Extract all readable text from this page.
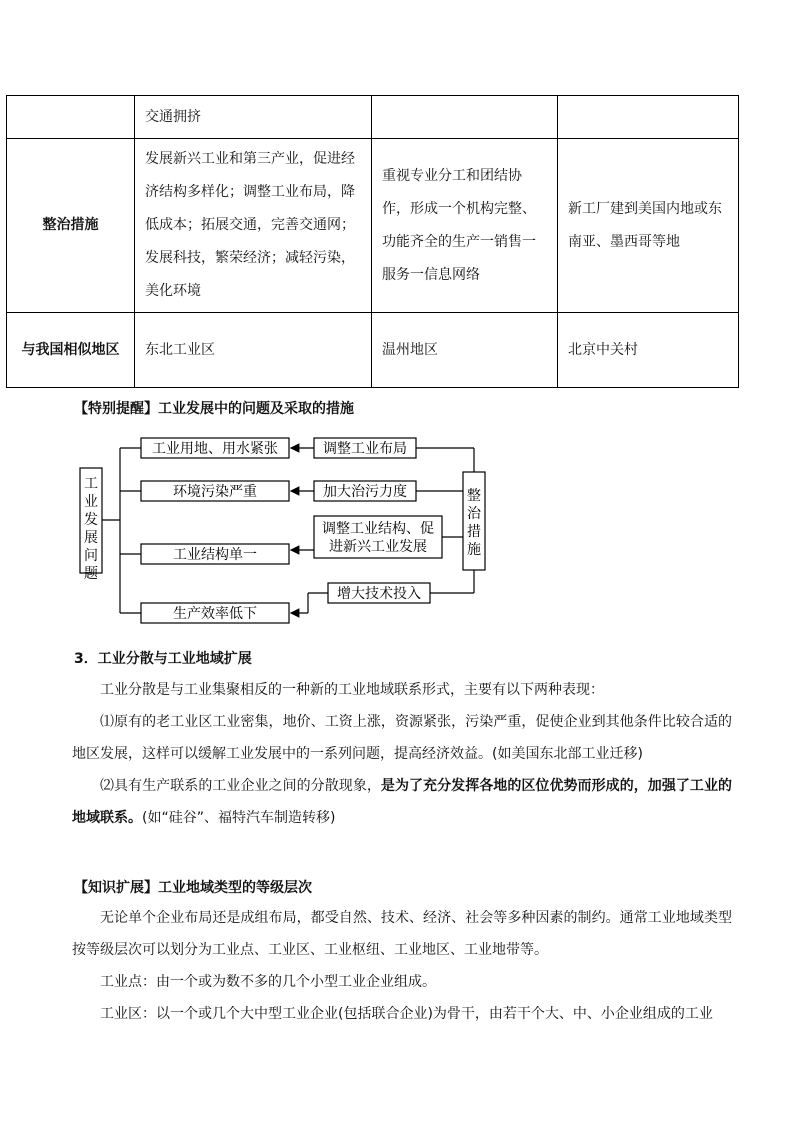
	交通拥挤		
整治措施	发展新兴工业和第三产业，促进经济结构多样化；调整工业布局，降低成本；拓展交通，完善交通网；发展科技，繁荣经济；减轻污染，美化环境	重视专业分工和团结协作，形成一个机构完整、功能齐全的生产一销售一服务一信息网络	新工厂建到美国内地或东南亚、墨西哥等地
与我国相似地区	东北工业区	温州地区	北京中关村
【特别提醒】工业发展中的问题及采取的措施
工
业
发
展
问
题
整
治
措
施
工业用地、用水紧张
环境污染严重
工业结构单一
生产效率低下
调整工业布局
加大治污力度
调整工业结构、促
进新兴工业发展
增大技术投入
3．工业分散与工业地域扩展
工业分散是与工业集聚相反的一种新的工业地域联系形式，主要有以下两种表现：
⑴原有的老工业区工业密集，地价、工资上涨，资源紧张，污染严重，促使企业到其他条件比较合适的地区发展，这样可以缓解工业发展中的一系列问题，提高经济效益。(如美国东北部工业迁移)
⑵具有生产联系的工业企业之间的分散现象，是为了充分发挥各地的区位优势而形成的，加强了工业的地域联系。(如“硅谷”、福特汽车制造转移)
【知识扩展】工业地域类型的等级层次
无论单个企业布局还是成组布局，都受自然、技术、经济、社会等多种因素的制约。通常工业地域类型按等级层次可以划分为工业点、工业区、工业枢纽、工业地区、工业地带等。
工业点：由一个或为数不多的几个小型工业企业组成。
工业区：以一个或几个大中型工业企业(包括联合企业)为骨干，由若干个大、中、小企业组成的工业
